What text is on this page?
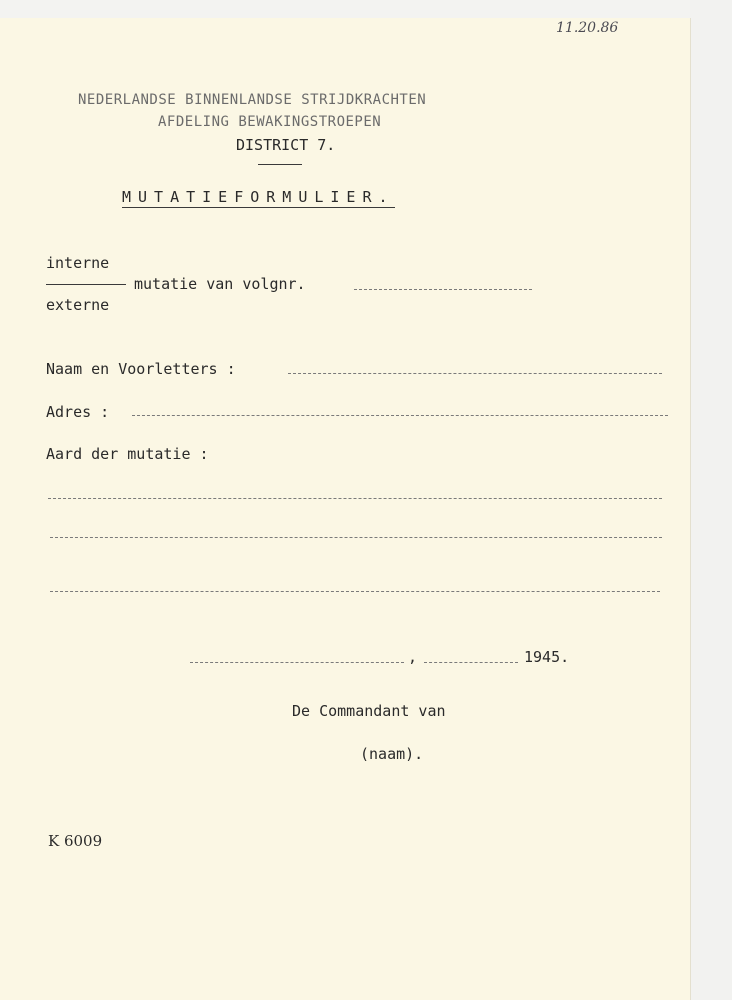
11.20.86
NEDERLANDSE BINNENLANDSE STRIJDKRACHTEN
AFDELING BEWAKINGSTROEPEN
DISTRICT 7.
MUTATIEFORMULIER.
interne
mutatie van volgnr.
externe
Naam en Voorletters :
Adres :
Aard der mutatie :
,	1945.
De Commandant van
(naam).
K 6009
